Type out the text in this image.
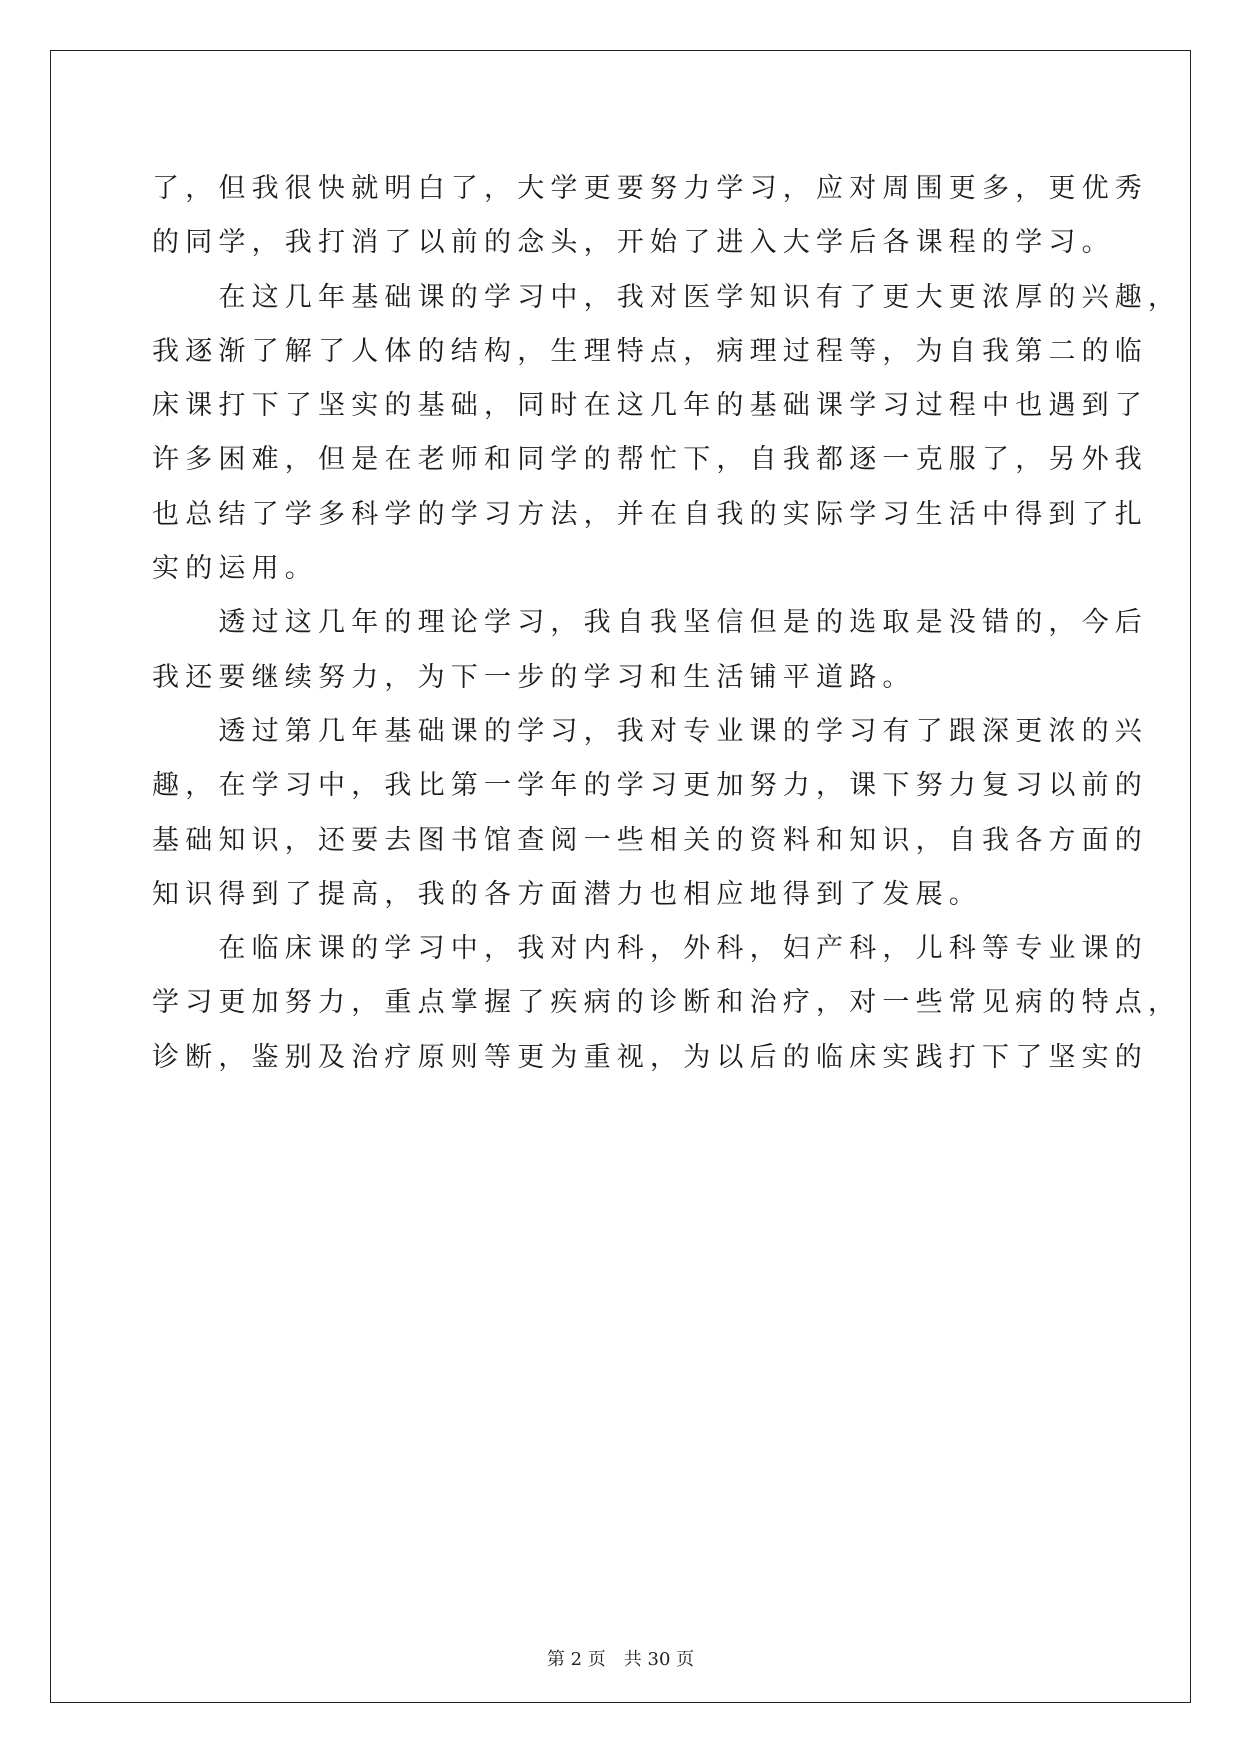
了，但我很快就明白了，大学更要努力学习，应对周围更多，更优秀
的同学，我打消了以前的念头，开始了进入大学后各课程的学习。
　　在这几年基础课的学习中，我对医学知识有了更大更浓厚的兴趣，
我逐渐了解了人体的结构，生理特点，病理过程等，为自我第二的临
床课打下了坚实的基础，同时在这几年的基础课学习过程中也遇到了
许多困难，但是在老师和同学的帮忙下，自我都逐一克服了，另外我
也总结了学多科学的学习方法，并在自我的实际学习生活中得到了扎
实的运用。
　　透过这几年的理论学习，我自我坚信但是的选取是没错的，今后
我还要继续努力，为下一步的学习和生活铺平道路。
　　透过第几年基础课的学习，我对专业课的学习有了跟深更浓的兴
趣，在学习中，我比第一学年的学习更加努力，课下努力复习以前的
基础知识，还要去图书馆查阅一些相关的资料和知识，自我各方面的
知识得到了提高，我的各方面潜力也相应地得到了发展。
　　在临床课的学习中，我对内科，外科，妇产科，儿科等专业课的
学习更加努力，重点掌握了疾病的诊断和治疗，对一些常见病的特点，
诊断，鉴别及治疗原则等更为重视，为以后的临床实践打下了坚实的
第 2 页　共 30 页
